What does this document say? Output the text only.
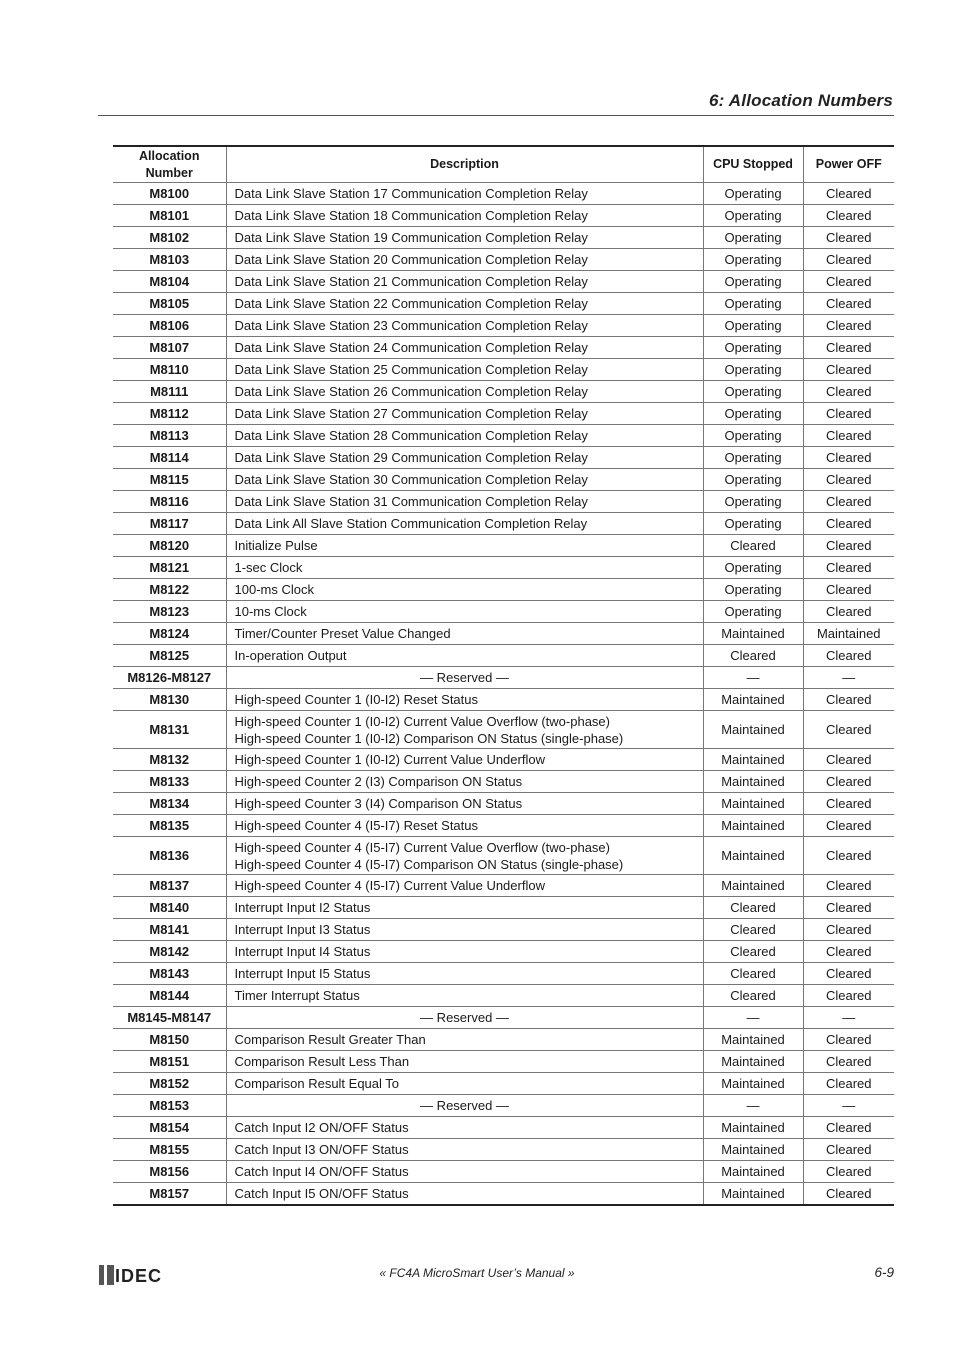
6: Allocation Numbers
Allocation Number	Description	CPU Stopped	Power OFF
M8100	Data Link Slave Station 17 Communication Completion Relay	Operating	Cleared
M8101	Data Link Slave Station 18 Communication Completion Relay	Operating	Cleared
M8102	Data Link Slave Station 19 Communication Completion Relay	Operating	Cleared
M8103	Data Link Slave Station 20 Communication Completion Relay	Operating	Cleared
M8104	Data Link Slave Station 21 Communication Completion Relay	Operating	Cleared
M8105	Data Link Slave Station 22 Communication Completion Relay	Operating	Cleared
M8106	Data Link Slave Station 23 Communication Completion Relay	Operating	Cleared
M8107	Data Link Slave Station 24 Communication Completion Relay	Operating	Cleared
M8110	Data Link Slave Station 25 Communication Completion Relay	Operating	Cleared
M8111	Data Link Slave Station 26 Communication Completion Relay	Operating	Cleared
M8112	Data Link Slave Station 27 Communication Completion Relay	Operating	Cleared
M8113	Data Link Slave Station 28 Communication Completion Relay	Operating	Cleared
M8114	Data Link Slave Station 29 Communication Completion Relay	Operating	Cleared
M8115	Data Link Slave Station 30 Communication Completion Relay	Operating	Cleared
M8116	Data Link Slave Station 31 Communication Completion Relay	Operating	Cleared
M8117	Data Link All Slave Station Communication Completion Relay	Operating	Cleared
M8120	Initialize Pulse	Cleared	Cleared
M8121	1-sec Clock	Operating	Cleared
M8122	100-ms Clock	Operating	Cleared
M8123	10-ms Clock	Operating	Cleared
M8124	Timer/Counter Preset Value Changed	Maintained	Maintained
M8125	In-operation Output	Cleared	Cleared
M8126-M8127	— Reserved —	—	—
M8130	High-speed Counter 1 (I0-I2) Reset Status	Maintained	Cleared
M8131	High-speed Counter 1 (I0-I2) Current Value Overflow (two-phase)
High-speed Counter 1 (I0-I2) Comparison ON Status (single-phase)	Maintained	Cleared
M8132	High-speed Counter 1 (I0-I2) Current Value Underflow	Maintained	Cleared
M8133	High-speed Counter 2 (I3) Comparison ON Status	Maintained	Cleared
M8134	High-speed Counter 3 (I4) Comparison ON Status	Maintained	Cleared
M8135	High-speed Counter 4 (I5-I7) Reset Status	Maintained	Cleared
M8136	High-speed Counter 4 (I5-I7) Current Value Overflow (two-phase)
High-speed Counter 4 (I5-I7) Comparison ON Status (single-phase)	Maintained	Cleared
M8137	High-speed Counter 4 (I5-I7) Current Value Underflow	Maintained	Cleared
M8140	Interrupt Input I2 Status	Cleared	Cleared
M8141	Interrupt Input I3 Status	Cleared	Cleared
M8142	Interrupt Input I4 Status	Cleared	Cleared
M8143	Interrupt Input I5 Status	Cleared	Cleared
M8144	Timer Interrupt Status	Cleared	Cleared
M8145-M8147	— Reserved —	—	—
M8150	Comparison Result Greater Than	Maintained	Cleared
M8151	Comparison Result Less Than	Maintained	Cleared
M8152	Comparison Result Equal To	Maintained	Cleared
M8153	— Reserved —	—	—
M8154	Catch Input I2 ON/OFF Status	Maintained	Cleared
M8155	Catch Input I3 ON/OFF Status	Maintained	Cleared
M8156	Catch Input I4 ON/OFF Status	Maintained	Cleared
M8157	Catch Input I5 ON/OFF Status	Maintained	Cleared
IDEC	« FC4A MicroSmart User’s Manual »	6-9
